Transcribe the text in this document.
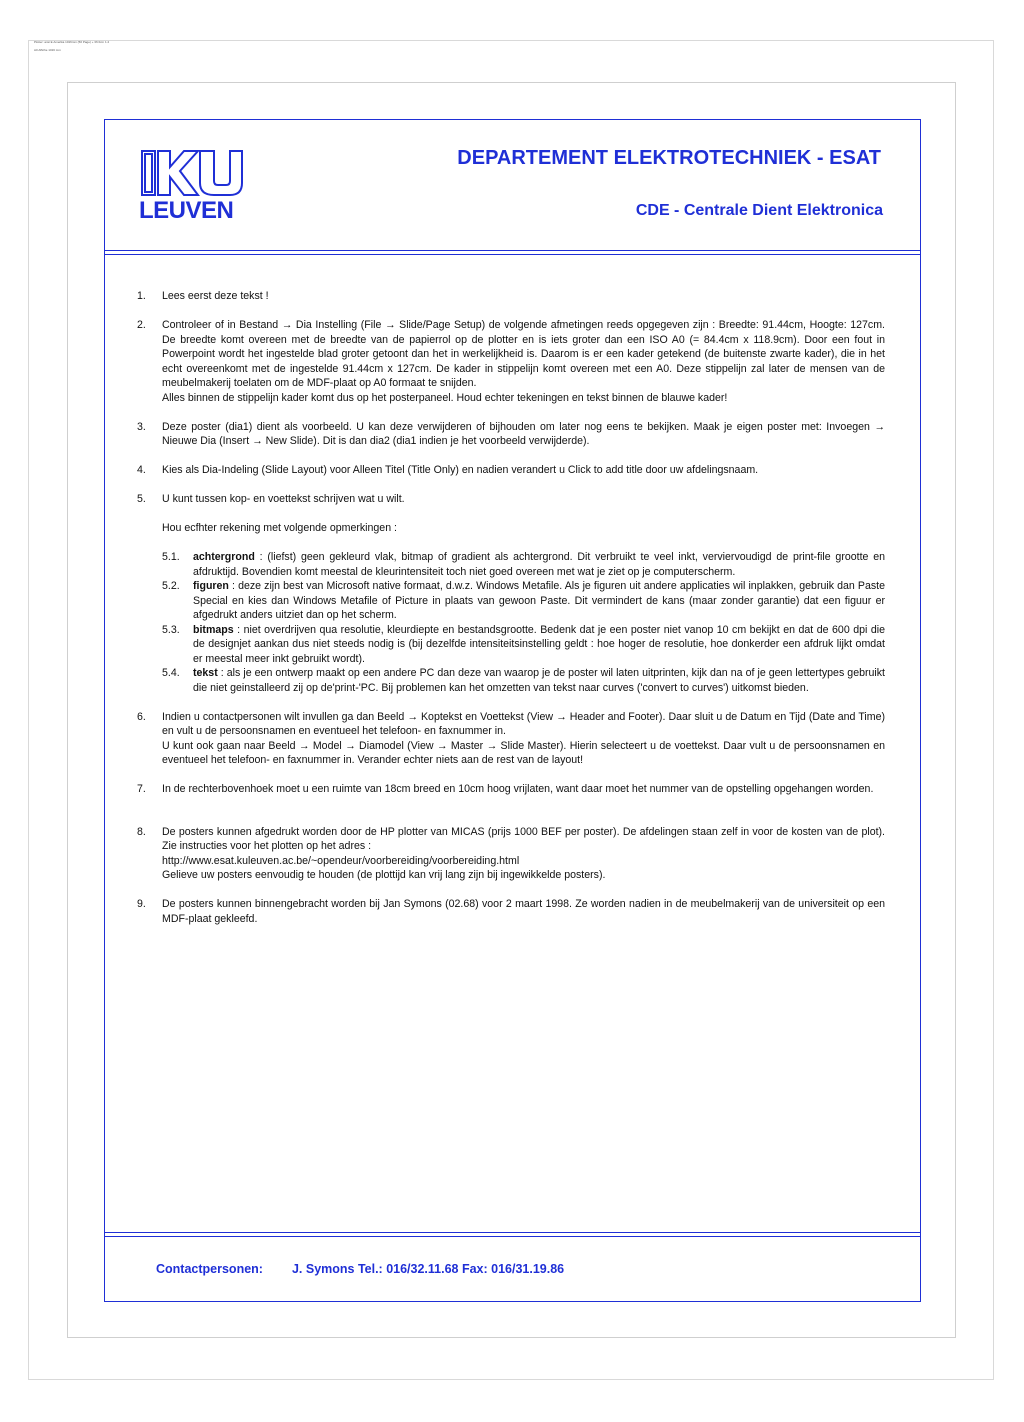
Plotter: ansi E Amerika 1016mm (50 Page) + 3ft 0cm 1.2
A0 Affiche 1016 mm
LEUVEN
DEPARTEMENT ELEKTROTECHNIEK - ESAT
CDE - Centrale Dient Elektronica
1.	Lees eerst deze tekst !
2.	Controleer of in Bestand → Dia Instelling (File → Slide/Page Setup) de volgende afmetingen reeds opgegeven zijn : Breedte: 91.44cm, Hoogte: 127cm. De breedte komt overeen met de breedte van de papierrol op de plotter en is iets groter dan een ISO A0 (= 84.4cm x 118.9cm). Door een fout in Powerpoint wordt het ingestelde blad groter getoont dan het in werkelijkheid is. Daarom is er een kader getekend (de buitenste zwarte kader), die in het echt overeenkomt met de ingestelde 91.44cm x 127cm. De kader in stippelijn komt overeen met een A0. Deze stippelijn zal later de mensen van de meubelmakerij toelaten om de MDF-plaat op A0 formaat te snijden.
Alles binnen de stippelijn kader komt dus op het posterpaneel. Houd echter tekeningen en tekst binnen de blauwe kader!
3.	Deze poster (dia1) dient als voorbeeld. U kan deze verwijderen of bijhouden om later nog eens te bekijken. Maak je eigen poster met: Invoegen → Nieuwe Dia (Insert → New Slide). Dit is dan dia2 (dia1 indien je het voorbeeld verwijderde).
4.	Kies als Dia-Indeling (Slide Layout) voor Alleen Titel (Title Only) en nadien verandert u Click to add title door uw afdelingsnaam.
5.	U kunt tussen kop- en voettekst schrijven wat u wilt.

Hou ecfhter rekening met volgende opmerkingen :

5.1.	achtergrond : (liefst) geen gekleurd vlak, bitmap of gradient als achtergrond. Dit verbruikt te veel inkt, verviervoudigd de print-file grootte en afdruktijd. Bovendien komt meestal de kleurintensiteit toch niet goed overeen met wat je ziet op je computerscherm.
5.2.	figuren : deze zijn best van Microsoft native formaat, d.w.z. Windows Metafile. Als je figuren uit andere applicaties wil inplakken, gebruik dan Paste Special en kies dan Windows Metafile of Picture in plaats van gewoon Paste. Dit vermindert de kans (maar zonder garantie) dat een figuur er afgedrukt anders uitziet dan op het scherm.
5.3.	bitmaps : niet overdrijven qua resolutie, kleurdiepte en bestandsgrootte. Bedenk dat je een poster niet vanop 10 cm bekijkt en dat de 600 dpi die de designjet aankan dus niet steeds nodig is (bij dezelfde intensiteitsinstelling geldt : hoe hoger de resolutie, hoe donkerder een afdruk lijkt omdat er meestal meer inkt gebruikt wordt).
5.4.	tekst : als je een ontwerp maakt op een andere PC dan deze van waarop je de poster wil laten uitprinten, kijk dan na of je geen lettertypes gebruikt die niet geinstalleerd zij op de'print-'PC. Bij problemen kan het omzetten van tekst naar curves ('convert to curves') uitkomst bieden.
6.	Indien u contactpersonen wilt invullen ga dan Beeld → Koptekst en Voettekst (View → Header and Footer). Daar sluit u de Datum en Tijd (Date and Time) en vult u de persoonsnamen en eventueel het telefoon- en faxnummer in.
U kunt ook gaan naar Beeld → Model → Diamodel (View → Master → Slide Master). Hierin selecteert u de voettekst. Daar vult u de persoonsnamen en eventueel het telefoon- en faxnummer in. Verander echter niets aan de rest van de layout!
7.	In de rechterbovenhoek moet u een ruimte van 18cm breed en 10cm hoog vrijlaten, want daar moet het nummer van de opstelling opgehangen worden.
8.	De posters kunnen afgedrukt worden door de HP plotter van MICAS (prijs 1000 BEF per poster). De afdelingen staan zelf in voor de kosten van de plot). Zie instructies voor het plotten op het adres :
http://www.esat.kuleuven.ac.be/~opendeur/voorbereiding/voorbereiding.html
Gelieve uw posters eenvoudig te houden (de plottijd kan vrij lang zijn bij ingewikkelde posters).
9.	De posters kunnen binnengebracht worden bij Jan Symons (02.68) voor 2 maart 1998. Ze worden nadien in de meubelmakerij van de universiteit op een MDF-plaat gekleefd.
Contactpersonen: J. Symons Tel.: 016/32.11.68 Fax: 016/31.19.86
